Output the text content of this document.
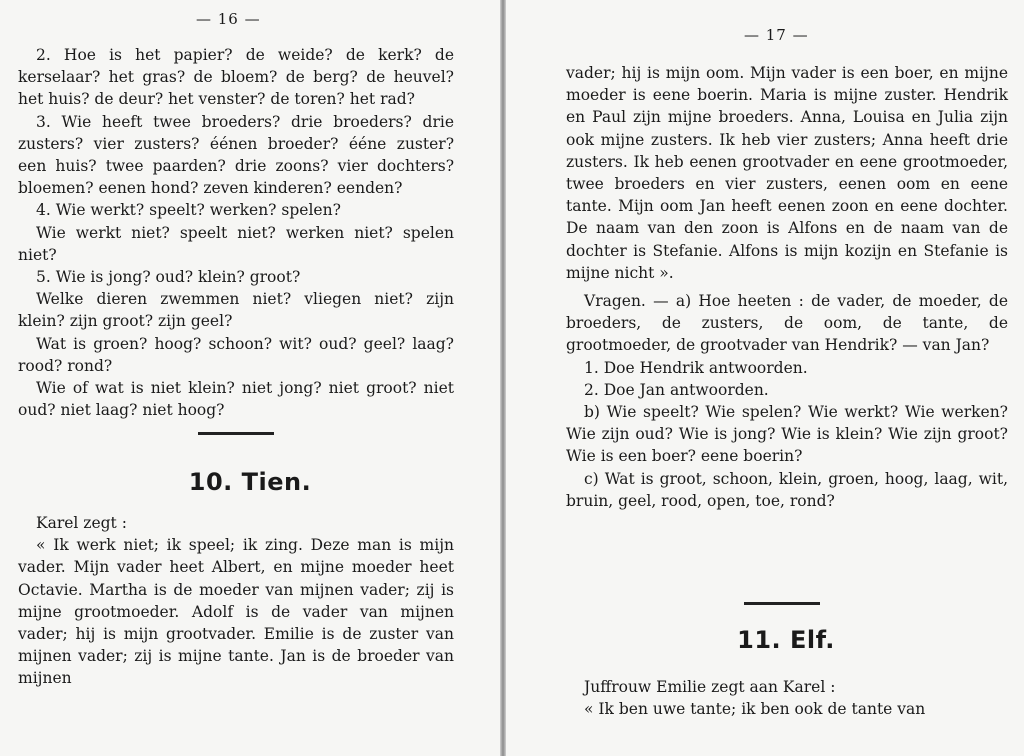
— 16 —

2. Hoe is het papier? de weide? de kerk? de kerselaar? het gras? de bloem? de berg? de heuvel? het huis? de deur? het venster? de toren? het rad?

3. Wie heeft twee broeders? drie broeders? drie zusters? vier zusters? éénen broeder? ééne zuster? een huis? twee paarden? drie zoons? vier dochters? bloemen? eenen hond? zeven kinderen? eenden?

4. Wie werkt? speelt? werken? spelen?

Wie werkt niet? speelt niet? werken niet? spelen niet?

5. Wie is jong? oud? klein? groot?

Welke dieren zwemmen niet? vliegen niet? zijn klein? zijn groot? zijn geel?

Wat is groen? hoog? schoon? wit? oud? geel? laag? rood? rond?

Wie of wat is niet klein? niet jong? niet groot? niet oud? niet laag? niet hoog?

10. Tien.

Karel zegt :

« Ik werk niet; ik speel; ik zing. Deze man is mijn vader. Mijn vader heet Albert, en mijne moeder heet Octavie. Martha is de moeder van mijnen vader; zij is mijne grootmoeder. Adolf is de vader van mijnen vader; hij is mijn grootvader. Emilie is de zuster van mijnen vader; zij is mijne tante. Jan is de broeder van mijnen

— 17 —

vader; hij is mijn oom. Mijn vader is een boer, en mijne moeder is eene boerin. Maria is mijne zuster. Hendrik en Paul zijn mijne broeders. Anna, Louisa en Julia zijn ook mijne zusters. Ik heb vier zusters; Anna heeft drie zusters. Ik heb eenen grootvader en eene grootmoeder, twee broeders en vier zusters, eenen oom en eene tante. Mijn oom Jan heeft eenen zoon en eene dochter. De naam van den zoon is Alfons en de naam van de dochter is Stefanie. Alfons is mijn kozijn en Stefanie is mijne nicht ».

Vragen. — a) Hoe heeten : de vader, de moeder, de broeders, de zusters, de oom, de tante, de grootmoeder, de grootvader van Hendrik? — van Jan?

1. Doe Hendrik antwoorden.

2. Doe Jan antwoorden.

b) Wie speelt? Wie spelen? Wie werkt? Wie werken? Wie zijn oud? Wie is jong? Wie is klein? Wie zijn groot? Wie is een boer? eene boerin?

c) Wat is groot, schoon, klein, groen, hoog, laag, wit, bruin, geel, rood, open, toe, rond?

11. Elf.

Juffrouw Emilie zegt aan Karel :

« Ik ben uwe tante; ik ben ook de tante van
